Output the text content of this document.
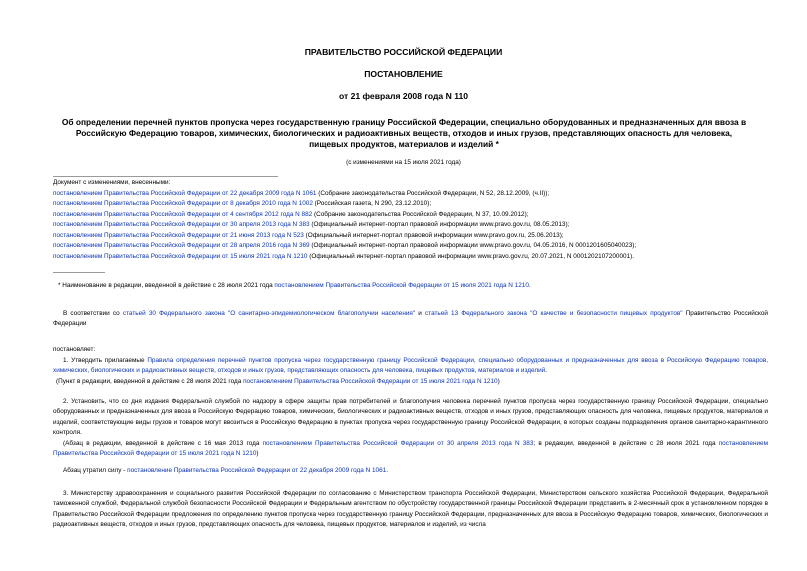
ПРАВИТЕЛЬСТВО РОССИЙСКОЙ ФЕДЕРАЦИИ
ПОСТАНОВЛЕНИЕ
от 21 февраля 2008 года N 110
Об определении перечней пунктов пропуска через государственную границу Российской Федерации, специально оборудованных и предназначенных для ввоза в
Российскую Федерацию товаров, химических, биологических и радиоактивных веществ, отходов и иных грузов, представляющих опасность для человека,
пищевых продуктов, материалов и изделий *
(с изменениями на 15 июля 2021 года)
Документ с изменениями, внесенными:
постановлением Правительства Российской Федерации от 22 декабря 2009 года N 1061 (Собрание законодательства Российской Федерации, N 52, 28.12.2009, (ч.II));
постановлением Правительства Российской Федерации от 8 декабря 2010 года N 1002 (Российская газета, N 290, 23.12.2010);
постановлением Правительства Российской Федерации от 4 сентября 2012 года N 882 (Собрание законодательства Российской Федерации, N 37, 10.09.2012);
постановлением Правительства Российской Федерации от 30 апреля 2013 года N 383 (Официальный интернет-портал правовой информации www.pravo.gov.ru, 08.05.2013);
постановлением Правительства Российской Федерации от 21 июня 2013 года N 523 (Официальный интернет-портал правовой информации www.pravo.gov.ru, 25.06.2013);
постановлением Правительства Российской Федерации от 28 апреля 2016 года N 369 (Официальный интернет-портал правовой информации www.pravo.gov.ru, 04.05.2016, N 0001201605040023);
постановлением Правительства Российской Федерации от 15 июля 2021 года N 1210 (Официальный интернет-портал правовой информации www.pravo.gov.ru, 20.07.2021, N 0001202107200001).
* Наименование в редакции, введенной в действие с 28 июля 2021 года постановлением Правительства Российской Федерации от 15 июля 2021 года N 1210.
В соответствии со статьей 30 Федерального закона "О санитарно-эпидемиологическом благополучии населения" и статьей 13 Федерального закона "О качестве и безопасности пищевых продуктов" Правительство Российской Федерации
постановляет:

1. Утвердить прилагаемые Правила определения перечней пунктов пропуска через государственную границу Российской Федерации, специально оборудованных и предназначенных для ввоза в Российскую Федерацию товаров, химических, биологических и радиоактивных веществ, отходов и иных грузов, представляющих опасность для человека, пищевых продуктов, материалов и изделий.

(Пункт в редакции, введенной в действие с 28 июля 2021 года постановлением Правительства Российской Федерации от 15 июля 2021 года N 1210)

2. Установить, что со дня издания Федеральной службой по надзору в сфере защиты прав потребителей и благополучия человека перечней пунктов пропуска через государственную границу Российской Федерации, специально оборудованных и предназначенных для ввоза в Российскую Федерацию товаров, химических, биологических и радиоактивных веществ, отходов и иных грузов, представляющих опасность для человека, пищевых продуктов, материалов и изделий, соответствующие виды грузов и товаров могут ввозиться в Российскую Федерацию в пунктах пропуска через государственную границу Российской Федерации, в которых созданы подразделения органов санитарно-карантинного контроля.

(Абзац в редакции, введенной в действие с 16 мая 2013 года постановлением Правительства Российской Федерации от 30 апреля 2013 года N 383; в редакции, введенной в действие с 28 июля 2021 года постановлением Правительства Российской Федерации от 15 июля 2021 года N 1210)

Абзац утратил силу - постановление Правительства Российской Федерации от 22 декабря 2009 года N 1061.
3. Министерству здравоохранения и социального развития Российской Федерации по согласованию с Министерством транспорта Российской Федерации, Министерством сельского хозяйства Российской Федерации, Федеральной таможенной службой, Федеральной службой безопасности Российской Федерации и Федеральным агентством по обустройству государственной границы Российской Федерации представить в 2-месячный срок в установленном порядке в Правительство Российской Федерации предложения по определению пунктов пропуска через государственную границу Российской Федерации, предназначенных для ввоза в Российскую Федерацию товаров, химических, биологических и радиоактивных веществ, отходов и иных грузов, представляющих опасность для человека, пищевых продуктов, материалов и изделий, из числа
